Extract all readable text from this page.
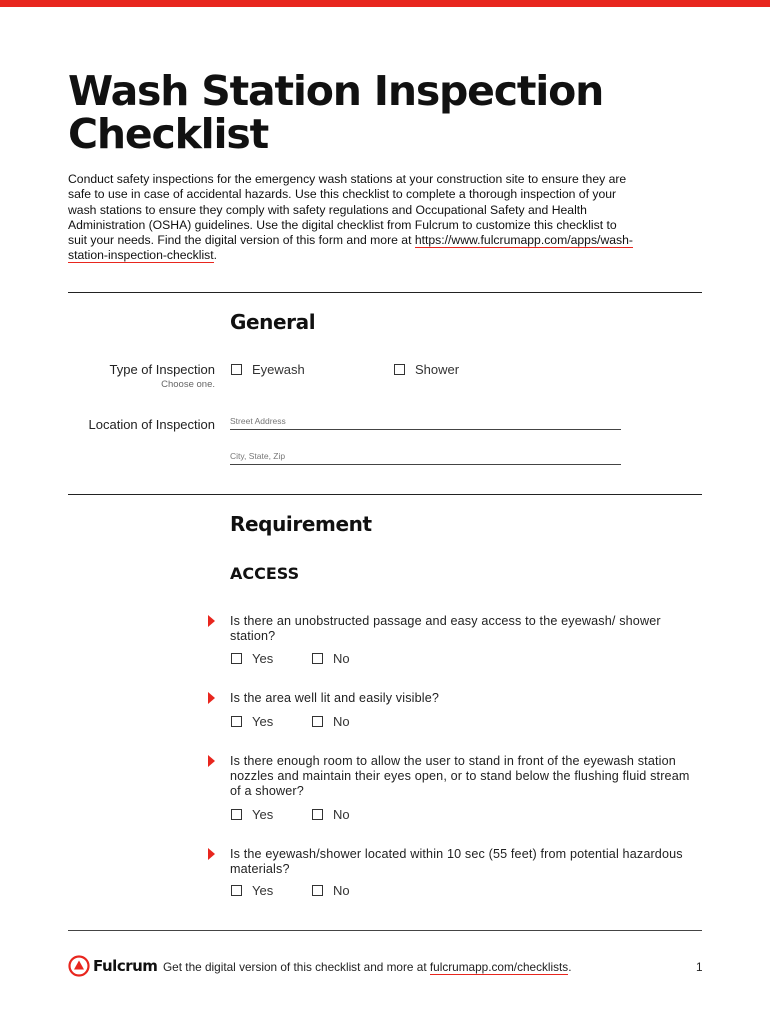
Wash Station Inspection Checklist

Conduct safety inspections for the emergency wash stations at your construction site to ensure they are safe to use in case of accidental hazards. Use this checklist to complete a thorough inspection of your wash stations to ensure they comply with safety regulations and Occupational Safety and Health Administration (OSHA) guidelines. Use the digital checklist from Fulcrum to customize this checklist to suit your needs. Find the digital version of this form and more at https://www.fulcrumapp.com/apps/wash-station-inspection-checklist.

General
Type of Inspection
Choose one.
Eyewash	Shower
Location of Inspection Street Address
City, State, Zip
Requirement
ACCESS

Is there an unobstructed passage and easy access to the eyewash/ shower station?

Yes	No

Is the area well lit and easily visible?

Yes	No

Is there enough room to allow the user to stand in front of the eyewash station nozzles and maintain their eyes open, or to stand below the flushing fluid stream of a shower?

Yes	No

Is the eyewash/shower located within 10 sec (55 feet) from potential hazardous materials?

Yes	No
Fulcrum Get the digital version of this checklist and more at fulcrumapp.com/checklists.	1
